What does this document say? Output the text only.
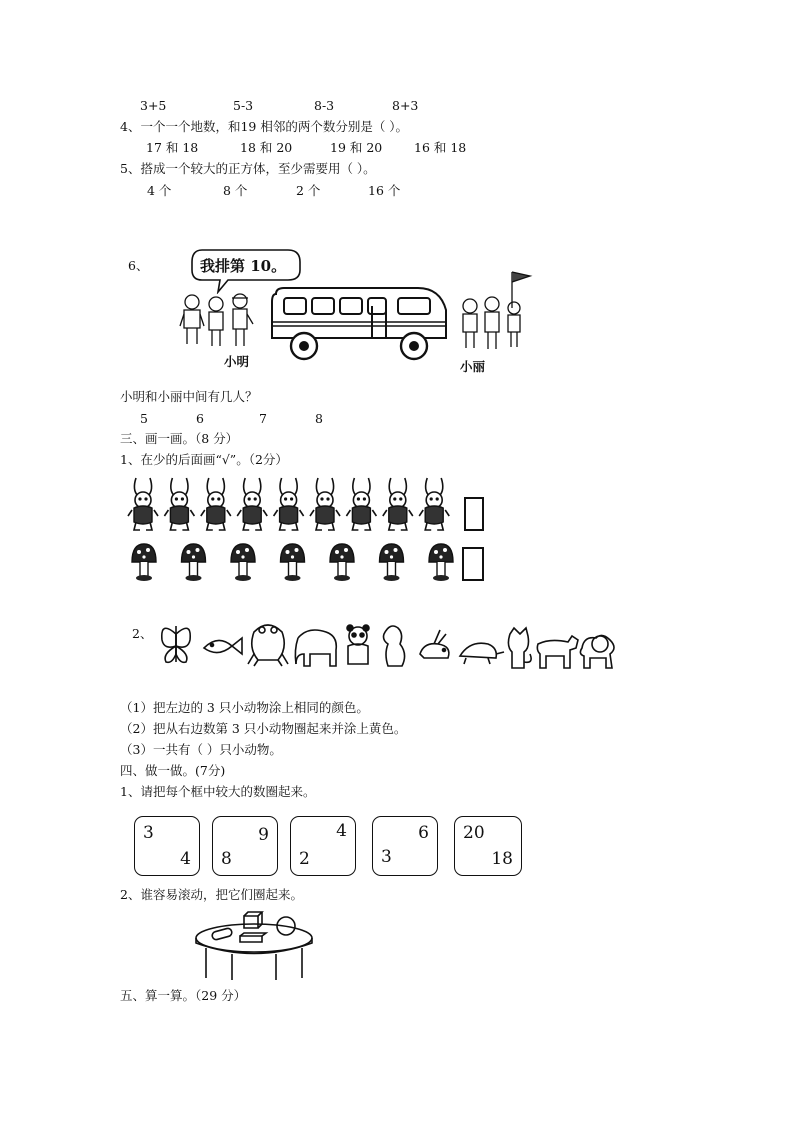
3+5	5-3	8-3	8+3
4、一个一个地数，和19 相邻的两个数分别是（ ）。
17 和 18	18 和 20	19 和 20	16 和 18
5、搭成一个较大的正方体，至少需要用（ ）。
4 个	8 个	2 个	16 个
6、	我排第 10。
小明	小丽
小明和小丽中间有几人？
5	6	7	8
三、画一画。（8 分）
1、在少的后面画“√”。（2分）
2、
（1）把左边的 3 只小动物涂上相同的颜色。
（2）把从右边数第 3 只小动物圈起来并涂上黄色。
（3）一共有（ ）只小动物。
四、做一做。(7分)
1、请把每个框中较大的数圈起来。
3
4
9
8
4
2
6
3
20
18
2、谁容易滚动，把它们圈起来。
五、算一算。（29 分）
